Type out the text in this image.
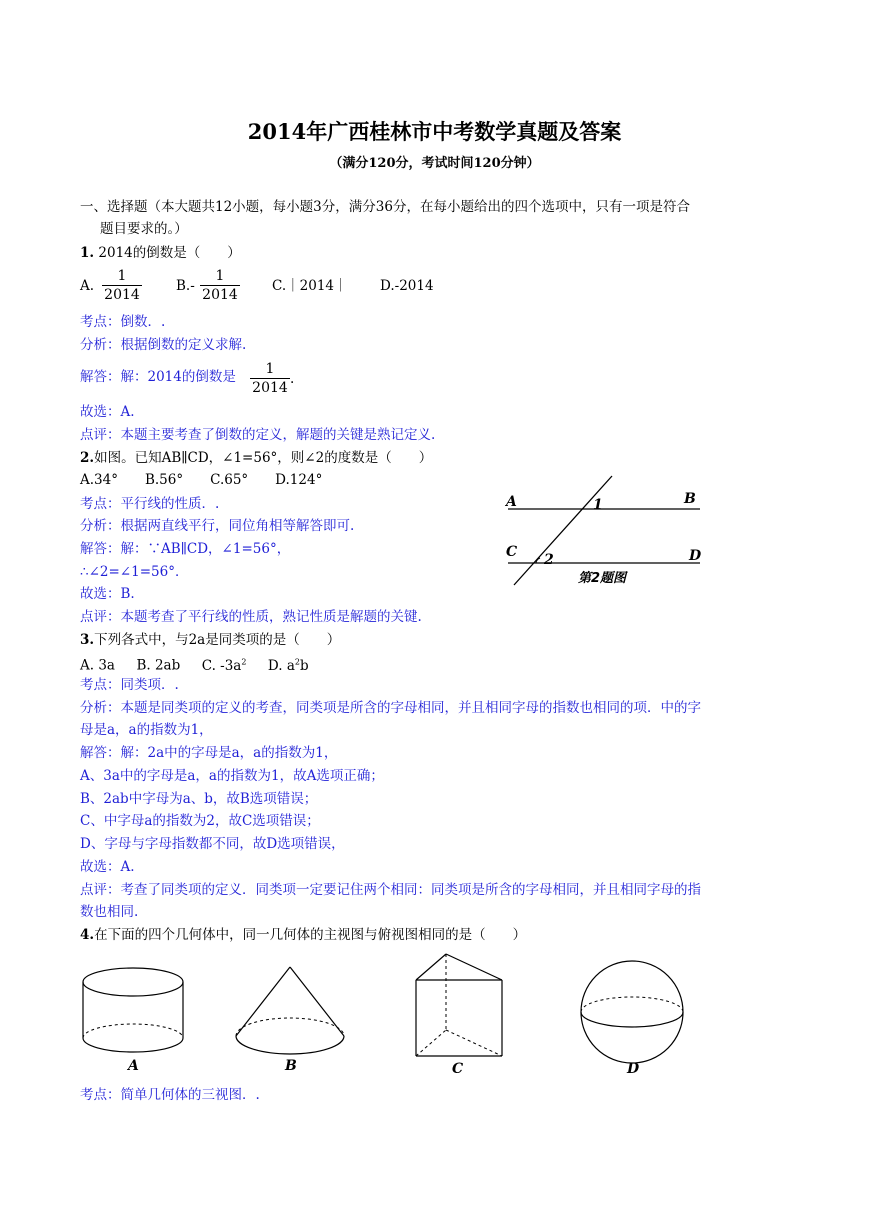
2014年广西桂林市中考数学真题及答案
（满分120分，考试时间120分钟）
一、选择题（本大题共12小题，每小题3分，满分36分，在每小题给出的四个选项中，只有一项是符合
题目要求的。）
1. 2014的倒数是（　　）
A. $\frac{1}{2014}$	$B.- \frac{1}{2014}$ C.｜2014｜ D.-2014
考点：倒数．.
分析：根据倒数的定义求解.
解答：解：2014的倒数是 $\frac{1}{2014}$ .
故选：A.
点评：本题主要考查了倒数的定义，解题的关键是熟记定义.
2.如图。已知AB∥CD，∠1=56°，则∠2的度数是（　　）
A.34°　　B.56°　　C.65°　　D.124°
考点：平行线的性质．.
分析：根据两直线平行，同位角相等解答即可.
解答：解：∵AB∥CD，∠1=56°，
∴∠2=∠1=56°．
故选：B.
点评：本题考查了平行线的性质，熟记性质是解题的关键.
A	B
C	D
1
2
第2题图
3.下列各式中，与2a是同类项的是（　　）
A. 3a B. 2ab C. $-3a^2$ D. $a^2b$
考点：同类项．.
分析：本题是同类项的定义的考查，同类项是所含的字母相同，并且相同字母的指数也相同的项．中的字
母是a，a的指数为1，
解答：解：2a中的字母是a，a的指数为1，
A、3a中的字母是a，a的指数为1，故A选项正确；
B、2ab中字母为a、b，故B选项错误；
C、中字母a的指数为2，故C选项错误；
D、字母与字母指数都不同，故D选项错误，
故选：A.
点评：考查了同类项的定义．同类项一定要记住两个相同：同类项是所含的字母相同，并且相同字母的指
数也相同.
4.在下面的四个几何体中，同一几何体的主视图与俯视图相同的是（　　）
A	B	C	D
考点：简单几何体的三视图．.
